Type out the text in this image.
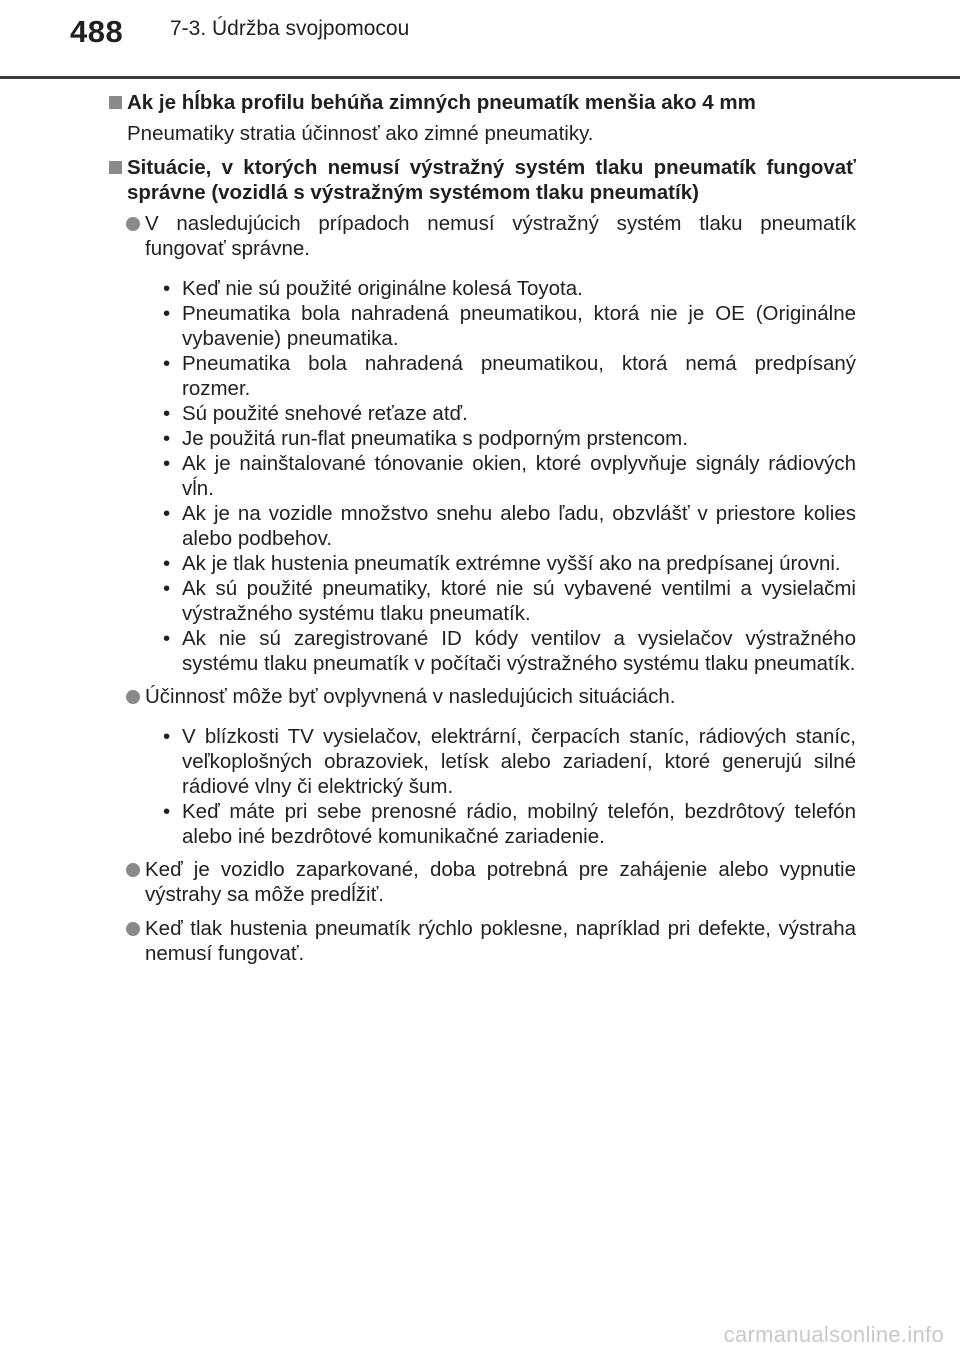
488 7-3. Údržba svojpomocou
Ak je hĺbka profilu behúňa zimných pneumatík menšia ako 4 mm
Pneumatiky stratia účinnosť ako zimné pneumatiky.
Situácie, v ktorých nemusí výstražný systém tlaku pneumatík fungovať správne (vozidlá s výstražným systémom tlaku pneumatík)
V nasledujúcich prípadoch nemusí výstražný systém tlaku pneumatík fungovať správne.
• Keď nie sú použité originálne kolesá Toyota.
• Pneumatika bola nahradená pneumatikou, ktorá nie je OE (Originálne vybavenie) pneumatika.
• Pneumatika bola nahradená pneumatikou, ktorá nemá predpísaný rozmer.
• Sú použité snehové reťaze atď.
• Je použitá run-flat pneumatika s podporným prstencom.
• Ak je nainštalované tónovanie okien, ktoré ovplyvňuje signály rádiových vĺn.
• Ak je na vozidle množstvo snehu alebo ľadu, obzvlášť v priestore kolies alebo podbehov.
• Ak je tlak hustenia pneumatík extrémne vyšší ako na predpísanej úrovni.
• Ak sú použité pneumatiky, ktoré nie sú vybavené ventilmi a vysielačmi výstražného systému tlaku pneumatík.
• Ak nie sú zaregistrované ID kódy ventilov a vysielačov výstražného systému tlaku pneumatík v počítači výstražného systému tlaku pneumatík.
Účinnosť môže byť ovplyvnená v nasledujúcich situáciách.
• V blízkosti TV vysielačov, elektrární, čerpacích staníc, rádiových staníc, veľkoplošných obrazoviek, letísk alebo zariadení, ktoré generujú silné rádiové vlny či elektrický šum.
• Keď máte pri sebe prenosné rádio, mobilný telefón, bezdrôtový telefón alebo iné bezdrôtové komunikačné zariadenie.
Keď je vozidlo zaparkované, doba potrebná pre zahájenie alebo vypnutie výstrahy sa môže predĺžiť.
Keď tlak hustenia pneumatík rýchlo poklesne, napríklad pri defekte, výstraha nemusí fungovať.
carmanualsonline.info
